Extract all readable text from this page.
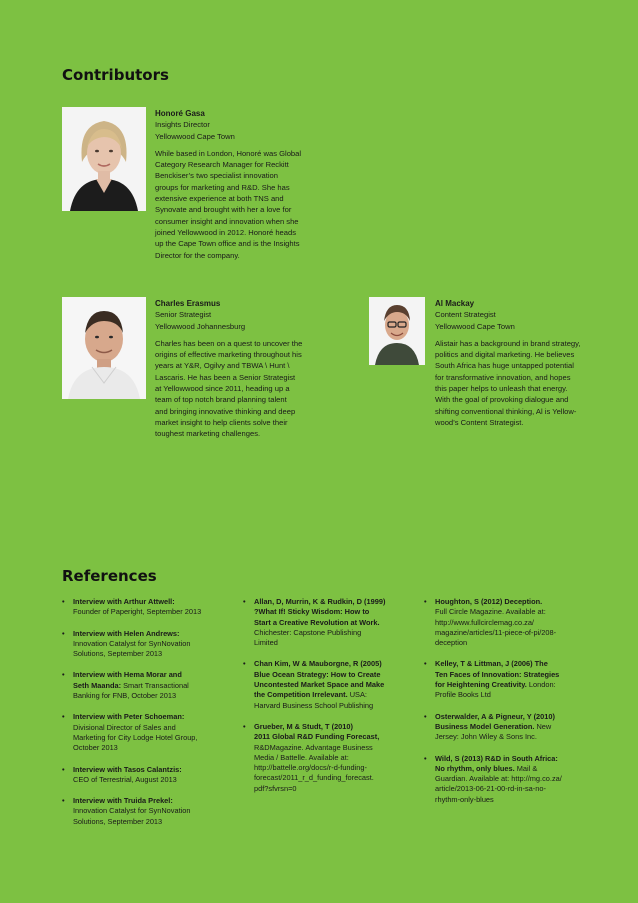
Contributors
Honoré Gasa
Insights Director
Yellowwood Cape Town
While based in London, Honoré was Global
Category Research Manager for Reckitt
Benckiser’s two specialist innovation
groups for marketing and R&D. She has
extensive experience at both TNS and
Synovate and brought with her a love for
consumer insight and innovation when she
joined Yellowwood in 2012. Honoré heads
up the Cape Town office and is the Insights
Director for the company.
Charles Erasmus
Senior Strategist
Yellowwood Johannesburg
Charles has been on a quest to uncover the
origins of effective marketing throughout his
years at Y&R, Ogilvy and TBWA \ Hunt \
Lascaris. He has been a Senior Strategist
at Yellowwood since 2011, heading up a
team of top notch brand planning talent
and bringing innovative thinking and deep
market insight to help clients solve their
toughest marketing challenges.
Al Mackay
Content Strategist
Yellowwood Cape Town
Alistair has a background in brand strategy,
politics and digital marketing. He believes
South Africa has huge untapped potential
for transformative innovation, and hopes
this paper helps to unleash that energy.
With the goal of provoking dialogue and
shifting conventional thinking, Al is Yellow-
wood’s Content Strategist.
References
• Interview with Arthur Attwell:
Founder of Paperight, September 2013
• Interview with Helen Andrews:
Innovation Catalyst for SynNovation
Solutions, September 2013
• Interview with Hema Morar and
Seth Maanda: Smart Transactional
Banking for FNB, October 2013
• Interview with Peter Schoeman:
Divisional Director of Sales and
Marketing for City Lodge Hotel Group,
October 2013
• Interview with Tasos Calantzis:
CEO of Terrestrial, August 2013
• Interview with Truida Prekel:
Innovation Catalyst for SynNovation
Solutions, September 2013
• Allan, D, Murrin, K & Rudkin, D (1999)
?What If! Sticky Wisdom: How to
Start a Creative Revolution at Work.
Chichester: Capstone Publishing
Limited
• Chan Kim, W & Mauborgne, R (2005)
Blue Ocean Strategy: How to Create
Uncontested Market Space and Make
the Competition Irrelevant. USA:
Harvard Business School Publishing
• Grueber, M & Studt, T (2010)
2011 Global R&D Funding Forecast,
R&DMagazine. Advantage Business
Media / Battelle. Available at:
http://battelle.org/docs/r-d-funding-
forecast/2011_r_d_funding_forecast.
pdf?sfvrsn=0
• Houghton, S (2012) Deception.
Full Circle Magazine. Available at:
http://www.fullcirclemag.co.za/
magazine/articles/11-piece-of-pi/208-
deception
• Kelley, T & Littman, J (2006) The
Ten Faces of Innovation: Strategies
for Heightening Creativity. London:
Profile Books Ltd
• Osterwalder, A & Pigneur, Y (2010)
Business Model Generation. New
Jersey: John Wiley & Sons Inc.
• Wild, S (2013) R&D in South Africa:
No rhythm, only blues. Mail &
Guardian. Available at: http://mg.co.za/
article/2013-06-21-00-rd-in-sa-no-
rhythm-only-blues
